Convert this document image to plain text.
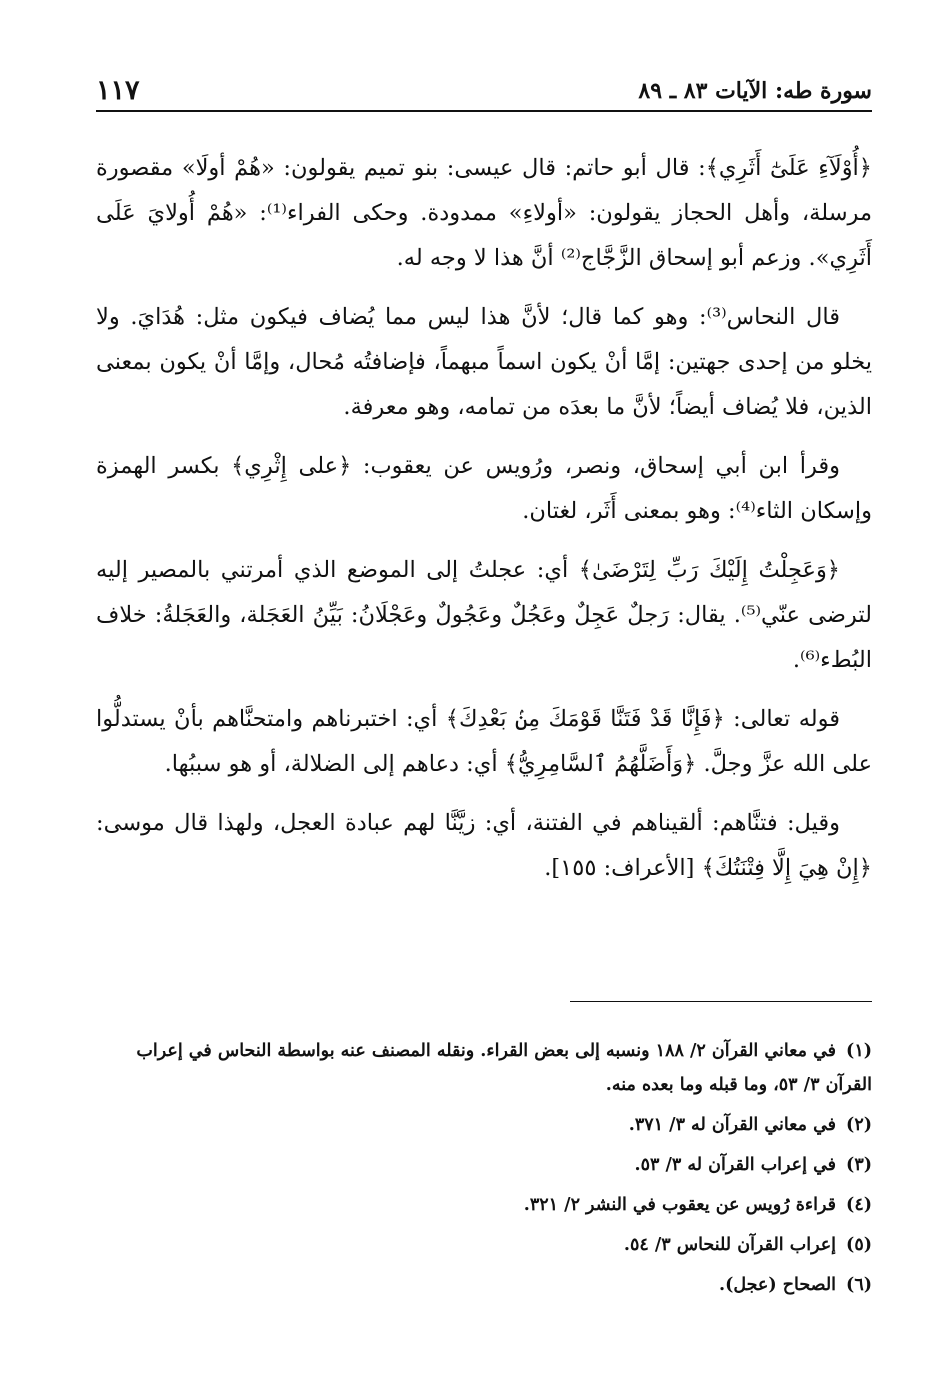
١١٧	سورة طه: الآيات ٨٣ ـ ٨٩

﴿أُوْلَآءِ عَلَىٰٓ أَثَرِي﴾: قال أبو حاتم: قال عيسى: بنو تميم يقولون: «هُمْ أولَا» مقصورة مرسلة، وأهل الحجاز يقولون: «أولاءِ» ممدودة. وحكى الفراء⁽¹⁾: «هُمْ أُولايَ عَلَى أَثَرِي». وزعم أبو إسحاق الزَّجَّاج⁽²⁾ أنَّ هذا لا وجه له.

قال النحاس⁽³⁾: وهو كما قال؛ لأنَّ هذا ليس مما يُضاف فيكون مثل: هُدَايَ. ولا يخلو من إحدى جهتين: إمَّا أنْ يكون اسماً مبهماً، فإضافتُه مُحال، وإمَّا أنْ يكون بمعنى الذين، فلا يُضاف أيضاً؛ لأنَّ ما بعدَه من تمامه، وهو معرفة.

وقرأ ابن أبي إسحاق، ونصر، ورُويس عن يعقوب: ﴿على إِثْرِي﴾ بكسر الهمزة وإسكان الثاء⁽⁴⁾: وهو بمعنى أَثَر، لغتان.

﴿وَعَجِلْتُ إِلَيْكَ رَبِّ لِتَرْضَىٰ﴾ أي: عجلتُ إلى الموضع الذي أمرتني بالمصير إليه لترضى عنّي⁽⁵⁾. يقال: رَجلٌ عَجِلٌ وعَجُلٌ وعَجُولٌ وعَجْلَانُ: بَيِّنُ العَجَلة، والعَجَلةُ: خلاف البُطء⁽⁶⁾.

قوله تعالى: ﴿فَإِنَّا قَدْ فَتَنَّا قَوْمَكَ مِنۢ بَعْدِكَ﴾ أي: اختبرناهم وامتحنَّاهم بأنْ يستدلُّوا على الله عزَّ وجلَّ. ﴿وَأَضَلَّهُمُ ٱلسَّامِرِيُّ﴾ أي: دعاهم إلى الضلالة، أو هو سببُها.

وقيل: فتنَّاهم: ألقيناهم في الفتنة، أي: زيَّنَّا لهم عبادة العجل، ولهذا قال موسى: ﴿إِنْ هِيَ إِلَّا فِتْنَتُكَ﴾ [الأعراف: ١٥٥].

(١)في معاني القرآن ٢/ ١٨٨ ونسبه إلى بعض القراء. ونقله المصنف عنه بواسطة النحاس في إعراب القرآن ٣/ ٥٣، وما قبله وما بعده منه.
(٢)في معاني القرآن له ٣/ ٣٧١.
(٣)في إعراب القرآن له ٣/ ٥٣.
(٤)قراءة رُويس عن يعقوب في النشر ٢/ ٣٢١.
(٥)إعراب القرآن للنحاس ٣/ ٥٤.
(٦)الصحاح (عجل).
